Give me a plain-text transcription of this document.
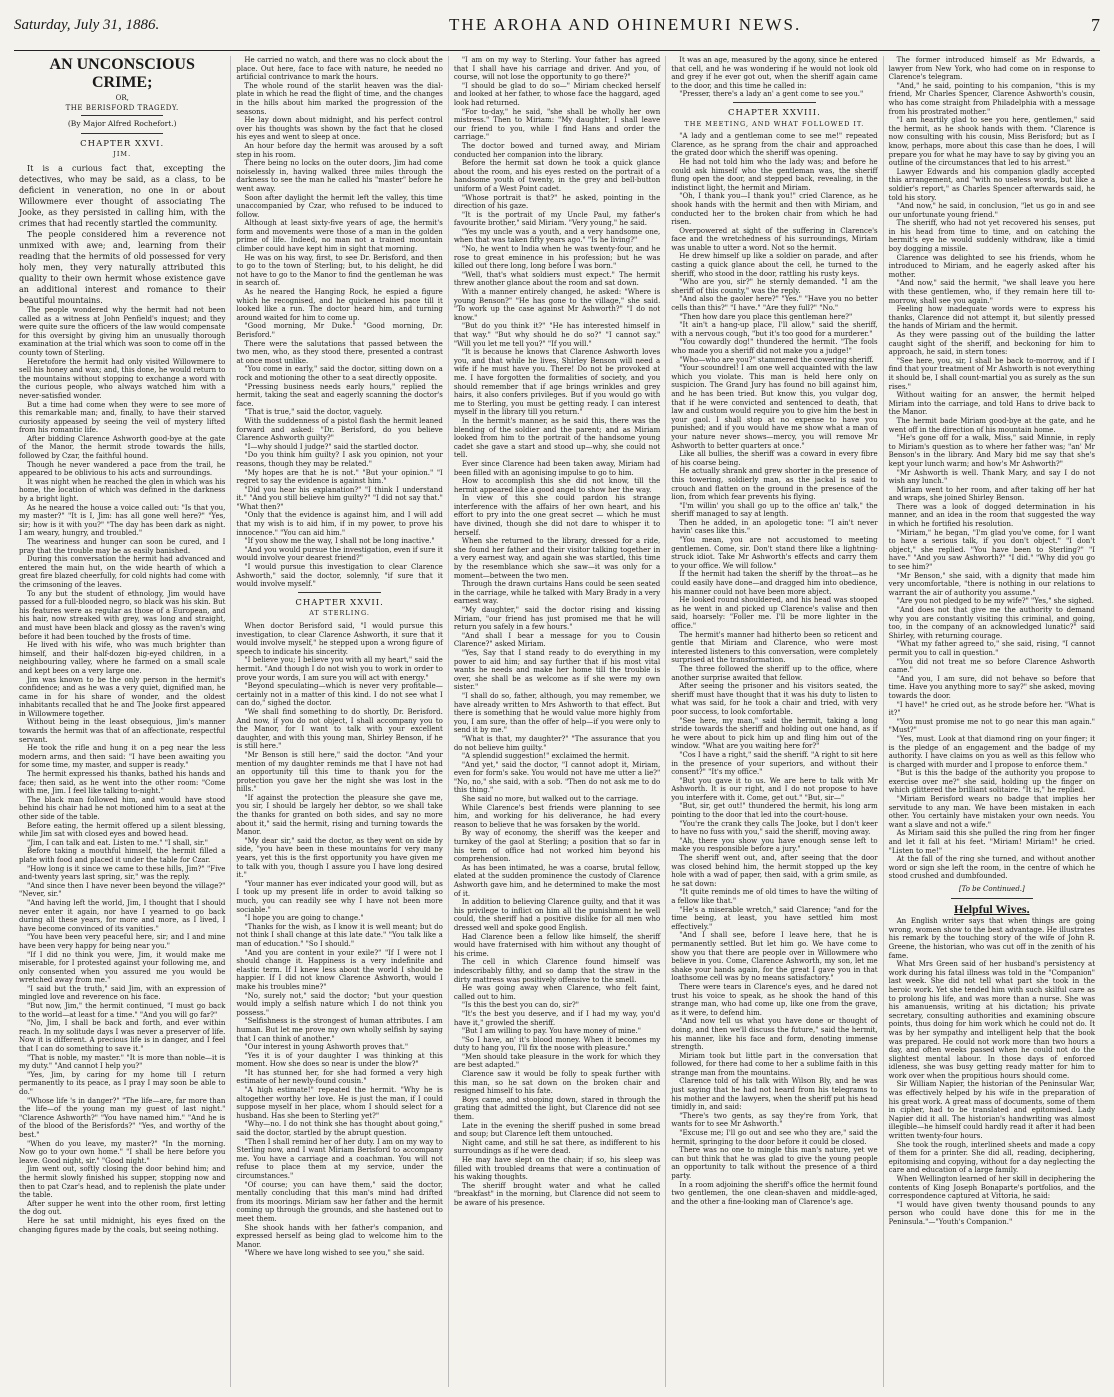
Saturday, July 31, 1886.	THE AROHA AND OHINEMURI NEWS.	7
AN UNCONSCIOUS CRIME;
OR,
THE BERISFORD TRAGEDY.
(By Major Alfred Rochefort.)
CHAPTER XXVI.
JIM.

It is a curious fact that, excepting the detectives, who may be said, as a class, to be deficient in veneration, no one in or about Willowmere ever thought of associating The Jooke, as they persisted in calling him, with the crimes that had recently startled the community.

The people considered him a reverence not unmixed with awe; and, learning from their reading that the hermits of old possessed for very holy men, they very naturally attributed this quality to their own hermit whose existence gave an additional interest and romance to their beautiful mountains.

The people wondered why the hermit had not been called as a witness at John Penfield's inquest; and they were quite sure the officers of the law would compensate for this oversight by giving him an unusually thorough examination at the trial which was soon to come off in the county town of Sterling.

Heretofore the hermit had only visited Willowmere to sell his honey and wax; and, this done, he would return to the mountains without stopping to exchange a word with the curious people, who always watched him with a never-satisfied wonder.

But a time had come when they were to see more of this remarkable man; and, finally, to have their starved curiosity appeased by seeing the veil of mystery lifted from his romantic life.

After bidding Clarence Ashworth good-bye at the gate of the Manor, the hermit strode towards the hills, followed by Czar, the faithful hound.

Though he never wandered a pace from the trail, he appeared to be oblivious to his acts and surroundings.

It was night when he reached the glen in which was his home, the location of which was defined in the darkness by a bright light.

As he neared the house a voice called out: "Is that you, my master?" "It is I, Jim: has all gone well here?" "Yes, sir; how is it with you?" "The day has been dark as night. I am weary, hungry, and troubled."

The weariness and hunger can soon be cured, and I pray that the trouble may be as easily banished.

During this conversation the hermit had advanced and entered the main hut, on the wide hearth of which a great fire blazed cheerfully, for cold nights had come with the crimsoning of the leaves.

To any but the student of ethnology, Jim would have passed for a full-blooded negro, so black was his skin. But his features were as regular as those of a European, and his hair, now streaked with grey, was long and straight, and must have been black and glossy as the raven's wing before it had been touched by the frosts of time.

He lived with his wife, who was much brighter than himself, and their half-dozen big-eyed children, in a neighbouring valley, where he farmed on a small scale and kept bees on a very large one.

Jim was known to be the only person in the hermit's confidence; and as he was a very quiet, dignified man, he came in for his share of wonder, and the oldest inhabitants recalled that he and The Jooke first appeared in Willowmere together.

Without being in the least obsequious, Jim's manner towards the hermit was that of an affectionate, respectful servant.

He took the rifle and hung it on a peg near the less modern arms, and then said: "I have been awaiting you for some time, my master, and supper is ready."

The hermit expressed his thanks, bathed his hands and face; then said, as he went into the other room: "Come with me, Jim. I feel like talking to-night."

The black man followed him, and would have stood behind his chair had he not motioned him to a seat at the other side of the table.

Before eating, the hermit offered up a silent blessing, while Jim sat with closed eyes and bowed head.

"Jim, I can talk and eat. Listen to me." "I shall, sir."

Before taking a mouthful himself, the hermit filled a plate with food and placed it under the table for Czar.

"How long is it since we came to these hills, Jim?" "Five and-twenty years last spring, sir," was the reply.

"And since then I have never been beyond the village?" "Never, sir."

"And having left the world, Jim, I thought that I should never enter it again, nor have I yearned to go back during all these years, for more and more, as I lived, I have become convinced of its vanities."

"You have been very peaceful here, sir; and I and mine have been very happy for being near you."

"If I did no think you were, Jim, it would make me miserable, for I protested against your following me, and only consented when you assured me you would be wretched away from me."

"I said but the truth," said Jim, with an expression of mingled love and reverence on his face.

"But now, Jim," the hermit continued, "I must go back to the world—at least for a time." "And you will go far?"

"No, Jim, I shall be back and forth, and ever within reach. In my solitude days I was never a preserver of life. Now it is different. A precious life is in danger, and I feel that I can do something to save it."

"That is noble, my master." "It is more than noble—it is my duty." "And cannot I help you?"

"Yes, Jim, by caring for my home till I return permanently to its peace, as I pray I may soon be able to do."

"Whose life 's in danger?" "The life—are, far more than the life—of the young man my guest of last night." "Clarence Ashworth?" "You have named him." "And he is of the blood of the Berisfords?" "Yes, and worthy of the best."

"When do you leave, my master?" "In the morning. Now go to your own home." "I shall be here before you leave. Good night, sir." "Good night."

Jim went out, softly closing the door behind him; and the hermit slowly finished his supper, stopping now and then to pat Czar's head, and to replenish the plate under the table.

After supper he went into the other room, first letting the dog out.

Here he sat until midnight, his eyes fixed on the changing figures made by the coals, but seeing nothing.

He carried no watch, and there was no clock about the place. Out here, face to face with nature, he needed no artificial contrivance to mark the hours.

The whole round of the starlit heaven was the dial-plate in which he read the flight of time, and the changes in the hills about him marked the progression of the seasons.

He lay down about midnight, and his perfect control over his thoughts was shown by the fact that he closed his eyes and went to sleep at once.

An hour before day the hermit was aroused by a soft step in his room.

There being no locks on the outer doors, Jim had come noiselessly in, having walked three miles through the darkness to see the man he called his "master" before he went away.

Soon after daylight the hermit left the valley, this time unaccompanied by Czar, who refused to be induced to follow.

Although at least sixty-five years of age, the hermit's form and movements were those of a man in the golden prime of life. Indeed, no man not a trained mountain climber could have kept him in sight that morning.

He was on his way, first, to see Dr. Berisford, and then to go to the town of Sterling; but, to his delight, he did not have to go to the Manor to find the gentleman he was in search of.

As he neared the Hanging Rock, he espied a figure which he recognised, and he quickened his pace till it looked like a run. The doctor heard him, and turning around waited for him to come up.

"Good morning, Mr Duke." "Good morning, Dr. Berisford."

There were the salutations that passed between the two men, who, as they stood there, presented a contrast at once most unlike.

"You come in early," said the doctor, sitting down on a rock and motioning the other to a seat directly opposite.

"Pressing business needs early hours," replied the hermit, taking the seat and eagerly scanning the doctor's face.

"That is true," said the doctor, vaguely.

With the suddenness of a pistol flash the hermit leaned forward and asked: "Dr. Berisford, do you believe Clarence Ashworth guilty?"

"I—why should I judge?" said the startled doctor.

"Do you think him guilty? I ask you opinion, not your reasons, though they may be related."

"My hopes are that he is not." "But your opinion." "I regret to say the evidence is against him."

"Did you hear his explanation?" "I think I understand it." "And you still believe him guilty?" "I did not say that." "What then?"

"Only that the evidence is against him, and I will add that my wish is to aid him, if in my power, to prove his innocence." "You can aid him."

"If you show me the way, I shall not be long inactive."

"And you would pursue the investigation, even if sure it would involve your dearest friend?"

"I would pursue this investigation to clear Clarence Ashworth," said the doctor, solemnly, "if sure that it would involve myself."

CHAPTER XXVII.
AT STERLING.

When doctor Berisford said, "I would pursue this investigation, to clear Clarence Ashworth, it sure that it would involve myself," he stepped upon a wrong figure of speech to indicate his sincerity.

"I believe you; I believe you with all my heart," said the hermit. "And though I do not wish you to work in order to prove your words, I am sure you will act with energy."

"Beyond speculating—which is never very profitable—certainly not in a matter of this kind. I do not see what I can do," sighed the doctor.

"We shall find something to do shortly, Dr. Berisford. And now, if you do not object, I shall accompany you to the Manor, for I want to talk with your excellent daughter, and with this young man, Shirley Benson, if he is still here."

"Mr Benson is still here," said the doctor. "And your mention of my daughter reminds me that I have not had an opportunity till this time to thank you for the protection you gave her the night she was lost in the hills."

"If against the protection the pleasure she gave me, you sir, I should be largely her debtor, so we shall take the thanks for granted on both sides, and say no more about it," said the hermit, rising and turning towards the Manor.

"My dear sir," said the doctor, as they went on side by side, "you have been in these mountains for very many years, yet this is the first opportunity you have given me to talk with you, though I assure you I have long desired it."

"Your manner has ever indicated your good will, but as I took up my present life in order to avoid talking so much, you can readily see why I have not been more sociable."

"I hope you are going to change."

"Thanks for the wish, as I know it is well meant; but do not think I shall change at this late date." "You talk like a man of education." "So I should."

"And you are content in your exile?" "If I were not I should change it. Happiness is a very indefinite and elastic term. If I knew less about the world I should be happier. If I did not know Clarence Ashworth, would I make his troubles mine?"

"No, surely not," said the doctor; "but your question would imply a selfish nature which I do not think you possess."

"Selfishness is the strongest of human attributes. I am human. But let me prove my own wholly selfish by saying that I can think of another."

"Our interest in young Ashworth proves that."

"Yes it is of your daughter I was thinking at this moment. How she does so near is under the blow?"

"It has stunned her, for she had formed a very high estimate of her newly-found cousin."

"A high estimate!" repeated the hermit. "Why he is altogether worthy her love. He is just the man, if I could suppose myself in her place, whom I should select for a husband. Has she been to Sterling yet?"

"Why—no. I do not think she has thought about going," said the doctor, startled by the abrupt question.

"Then I shall remind her of her duty. I am on my way to Sterling now, and I want Miriam Berisford to accompany me. You have a carriage and a coachman. You will not refuse to place them at my service, under the circumstances."

"Of course; you can have them," said the doctor, mentally concluding that this man's mind had drifted from its moorings. Miriam saw her father and the hermit coming up through the grounds, and she hastened out to meet them.

She shook hands with her father's companion, and expressed herself as being glad to welcome him to the Manor.

"Where we have long wished to see you," she said.

"I am on my way to Sterling. Your father has agreed that I shall have his carriage and driver. And you, of course, will not lose the opportunity to go there?"

"I should be glad to do so—" Miriam checked herself and looked at her father, to whose face the haggard, aged look had returned.

"For to-day," he said, "she shall be wholly her own mistress." Then to Miriam: "My daughter, I shall leave our friend to you, while I find Hans and order the carriage."

The doctor bowed and turned away, and Miriam conducted her companion into the library.

Before the hermit sat down he took a quick glance about the room, and his eyes rested on the portrait of a handsome youth of twenty, in the grey and bell-button uniform of a West Point cadet.

"Whose portrait is that?" he asked, pointing in the direction of his gaze.

"It is the portrait of my Uncle Paul, my father's favourite brother," said Miriam. "Very young," he said.

"Yes my uncle was a youth, and a very handsome one, when that was taken fifty years ago." "Is he living?"

"No, he went to India when he was twenty-four, and he rose to great eminence in his profession; but he was killed out there long, long before I was born."

"Well, that's what soldiers must expect." The hermit threw another glance about the room and sat down.

With a manner entirely changed, he asked: "Where is young Benson?" "He has gone to the village," she said. "To work up the case against Mr Ashworth?" "I do not know."

"But do you think it?" "He has interested himself in that way." "But why should he do so?" "I cannot say." "Will you let me tell you?" "If you will."

"It is because he knows that Clarence Ashworth loves you, and that while he lives, Shirley Benson will need a wife if he must have you. There! Do not be provoked at me. I have forgotten the formalities of society, and you should remember that if age brings wrinkles and grey hairs, it also confers privileges. But if you would go with me to Sterling, you must be getting ready. I can interest myself in the library till you return."

In the hermit's manner, as he said this, there was the blending of the soldier and the parent; and as Miriam looked from him to the portrait of the handsome young cadet she gave a start and stood up—why, she could not tell.

Ever since Clarence had been taken away, Miriam had been filled with an agonising impulse to go to him.

How to accomplish this she did not know, till the hermit appeared like a good angel to show her the way.

In view of this she could pardon his strange interference with the affairs of her own heart, and his effort to pry into the one great secret — which he must have divined, though she did not dare to whisper it to herself.

When she returned to the library, dressed for a ride, she found her father and their visitor talking together in a very earnest way, and again she was startled, this time by the resemblance which she saw—it was only for a moment—between the two men.

Through the drawn curtains Hans could be seen seated in the carriage, while he talked with Mary Brady in a very earnest way.

"My daughter," said the doctor rising and kissing Miriam, "our friend has just promised me that he will return you safely in a few hours."

"And shall I bear a message for you to Cousin Clarence?" asked Miriam.

"Yes, Say that I stand ready to do everything in my power to aid him; and say further that if his most vital wants he needs and make her home till the trouble is over, she shall be as welcome as if she were my own sister."

"I shall do so, father, although, you may remember, we have already written to Mrs Ashworth to that effect. But there is something that he would value more highly from you, I am sure, than the offer of help—if you were only to send it by me."

"What is that, my daughter?" "The assurance that you do not believe him guilty."

"A splendid suggestion!" exclaimed the hermit.

"And yet," said the doctor, "I cannot adopt it, Miriam, even for form's sake. You would not have me utter a lie?" "No, no," she said, with a sob. "Then do not ask me to do this thing."

She said no more, but walked out to the carriage.

While Clarence's best friends were planning to see him, and working for his deliverance, he had every reason to believe that he was forsaken by the world.

By way of economy, the sheriff was the keeper and turnkey of the gaol at Sterling; a position that so far in his term of office had not worked him beyond his comprehension.

As has been intimated, he was a coarse, brutal fellow, elated at the sudden prominence the custody of Clarence Ashworth gave him, and he determined to make the most of it.

In addition to believing Clarence guilty, and that it was his privilege to inflict on him all the punishment he well could, the sheriff had a positive dislike for all men who dressed well and spoke good English.

Had Clarence been a fellow like himself, the sheriff would have fraternised with him without any thought of his crime.

The cell in which Clarence found himself was indescribably filthy, and so damp that the straw in the dirty mattress was positively offensive to the smell.

He was going away when Clarence, who felt faint, called out to him.

"Is this the best you can do, sir?"

"It's the best you deserve, and if I had my way, you'd have it," growled the sheriff.

"But I am willing to pay. You have money of mine."

"So I have, an' it's blood money. When it becomes my duty to hang you, I'll fix the noose with pleasure."

"Men should take pleasure in the work for which they are best adapted."

Clarence saw it would be folly to speak further with this man, so he sat down on the broken chair and resigned himself to his fate.

Boys came, and stooping down, stared in through the grating that admitted the light, but Clarence did not see them.

Late in the evening the sheriff pushed in some bread and soup; but Clarence left them untouched.

Night came, and still he sat there, as indifferent to his surroundings as if he were dead.

He may have slept on the chair; if so, his sleep was filled with troubled dreams that were a continuation of his waking thoughts.

The sheriff brought water and what he called "breakfast" in the morning, but Clarence did not seem to be aware of his presence.

It was an age, measured by the agony, since he entered that cell, and he was wondering if he would not look old and grey if he ever got out, when the sheriff again came to the door, and this time he called in:

"Presser, there's a lady an' a gent come to see you."

CHAPTER XXVIII.
THE MEETING, AND WHAT FOLLOWED IT.

"A lady and a gentleman come to see me!" repeated Clarence, as he sprang from the chair and approached the grated door which the sheriff was opening.

He had not told him who the lady was; and before he could ask himself who the gentleman was, the sheriff flung open the door, and stepped back, revealing, in the indistinct light, the hermit and Miriam.

"Oh, I thank you—I thank you!" cried Clarence, as he shook hands with the hermit and then with Miriam, and conducted her to the broken chair from which he had risen.

Overpowered at sight of the suffering in Clarence's face and the wretchedness of his surroundings, Miriam was unable to utter a word. Not so the hermit.

He drew himself up like a soldier on parade, and after casting a quick glance about the cell, he turned to the sheriff, who stood in the door, rattling his rusty keys.

"Who are you, sir?" he sternly demanded. "I am the sheriff of this county," was the reply.

"And also the gaoler here?" "Yes." "Have you no better cells than this?" "I have." "Are they full?" "No."

"Then how dare you place this gentleman here?"

"It ain't a hang-up place, I'll allow," said the sheriff, with a nervous cough, "but it's too good for a murderer."

"You cowardly dog!" thundered the hermit. "The fools who made you a sheriff did not make you a judge!"

"Who—who are you?" stammered the cowering sheriff.

"Your scoundrel! I am one well acquainted with the law which you violate. This man is held here only on suspicion. The Grand Jury has found no bill against him, and he has been tried. But know this, you vulgar dog, that if he were convicted and sentenced to death, that law and custom would require you to give him the best in your gaol. I shall stop at no expense to have you punished; and if you would have me show what a man of your nature never shows—mercy, you will remove Mr Ashworth to better quarters at once."

Like all bullies, the sheriff was a coward in every fibre of his coarse being.

He actually shrank and grew shorter in the presence of this towering, soldierly man, as the jackal is said to crouch and flatten on the ground in the presence of the lion, from which fear prevents his flying.

"I'm willin' you shall go up to the office an' talk," the sheriff managed to say at length.

Then he added, in an apologetic tone: "I ain't never havin' cases like this."

"You mean, you are not accustomed to meeting gentlemen. Come, sir. Don't stand there like a lightning-struck idiot. Take Mr Ashworth's effects and carry them to your office. We will follow."

If the hermit had taken the sheriff by the throat—as he could easily have done—and dragged him into obedience, his manner could not have been more abject.

He looked round shouldered, and his head was stooped as he went in and picked up Clarence's valise and then said, hoarsely: "Foller me. I'll be more lighter in the office."

The hermit's manner had hitherto been so reticent and gentle that Miriam and Clarence, who were most interested listeners to this conversation, were completely surprised at the transformation.

The three followed the sheriff up to the office, where another surprise awaited that fellow.

After seeing the prisoner and his visitors seated, the sheriff must have thought that it was his duty to listen to what was said, for he took a chair and tried, with very poor success, to look comfortable.

"See here, my man," said the hermit, taking a long stride towards the sheriff and holding out one hand, as if he were about to pick him up and fling him out of the window. "What are you waiting here for?"

"Cos I have a right," said the sheriff. "A right to sit here in the presence of your superiors, and without their consent?" "It's my office."

"But you gave it to us. We are here to talk with Mr Ashworth. It is our right, and I do not propose to have you interfere with it. Come, get out." "But, sir—"

"But, sir, get out!" thundered the hermit, his long arm pointing to the door that led into the court-house.

"You're the crank they calls The Jooke, but I don't keer to have no fuss with you," said the sheriff, moving away.

"Ah, there you show you have enough sense left to make you responsible before a jury."

The sheriff went out, and, after seeing that the door was closed behind him, the hermit stopped up the key hole with a wad of paper, then said, with a grim smile, as he sat down:

"It quite reminds me of old times to have the wilting of a fellow like that."

"He's a miserable wretch," said Clarence; "and for the time being, at least, you have settled him most effectively."

"And I shall see, before I leave here, that he is permanently settled. But let him go. We have come to show you that there are people over in Willowmere who believe in you. Come, Clarence Ashworth, my son, let me shake your hands again, for the great I gave you in that loathsome cell was by no means satisfactory."

There were tears in Clarence's eyes, and he dared not trust his voice to speak, as he shook the hand of this strange man, who had come up, like one from the grave, as it were, to defend him.

"And now tell us what you have done or thought of doing, and then we'll discuss the future," said the hermit, his manner, like his face and form, denoting immense strength.

Miriam took but little part in the conversation that followed, for there had come to her a sublime faith in this strange man from the mountains.

Clarence told of his talk with Wilson Bly, and he was just saying that he had not heard from his telegrams to his mother and the lawyers, when the sheriff put his head timidly in, and said:

"There's two gents, as say they're from York, that wants for to see Mr Ashworth."

"Excuse me; I'll go out and see who they are," said the hermit, springing to the door before it could be closed.

There was no one to mingle this man's nature, yet we can but think that he was glad to give the young people an opportunity to talk without the presence of a third party.

In a room adjoining the sheriff's office the hermit found two gentlemen, the one clean-shaven and middle-aged, and the other a fine-looking man of Clarence's age.

The former introduced himself as Mr Edwards, a lawyer from New York, who had come on in response to Clarence's telegram.

"And," he said, pointing to his companion, "this is my friend, Mr Charles Spencer, Clarence Ashworth's cousin, who has come straight from Philadelphia with a message from his prostrated mother."

"I am heartily glad to see you here, gentlemen," said the hermit, as he shook hands with them. "Clarence is now consulting with his cousin, Miss Berisford; but as I know, perhaps, more about this case than he does, I will prepare you for what he may have to say by giving you an outline of the circumstances that led to his arrest."

Lawyer Edwards and his companion gladly accepted this arrangement, and "with no useless words, but like a soldier's report," as Charles Spencer afterwards said, he told his story.

"And now," he said, in conclusion, "let us go in and see our unfortunate young friend."

The sheriff, who had not yet recovered his senses, put in his head from time to time, and on catching the hermit's eye he would suddenly withdraw, like a timid boy dogging a missile.

Clarence was delighted to see his friends, whom he introduced to Miriam, and he eagerly asked after his mother.

"And now," said the hermit, "we shall leave you here with these gentlemen, who, if they remain here till to-morrow, shall see you again."

Feeling how inadequate words were to express his thanks, Clarence did not attempt it, but silently pressed the hands of Miriam and the hermit.

As they were passing out of the building the latter caught sight of the sheriff, and beckoning for him to approach, he said, in stern tones:

"See here, you, sir, I shall be back to-morrow, and if I find that your treatment of Mr Ashworth is not everything it should be, I shall count-martial you as surely as the sun rises."

Without waiting for an answer, the hermit helped Miriam into the carriage, and told Hans to drive back to the Manor.

The hermit bade Miriam good-bye at the gate, and he went off in the direction of his mountain home.

"He's gone off for a walk, Miss," said Minnie, in reply to Miriam's question as to where her father was; "an' Mr Benson's in the library. And Mary bid me say that she's kept your lunch warm; and how's Mr Ashworth?"

"Mr Ashworth is well. Thank Mary, and say I do not wish any lunch."

Miriam went to her room, and after taking off her hat and wraps, she joined Shirley Benson.

There was a look of dogged determination in his manner, and an idea in the room that suggested the way in which he fortified his resolution.

"Miriam," he began, "I'm glad you've come, for I want to have a serious talk, if you don't object." "I don't object," she replied. "You have been to Sterling?" "I have." "And you saw Ashworth?" "I did." "Why did you go to see him?"

"Mr Benson," she said, with a dignity that made him very uncomfortable, "there is nothing in our relations to warrant the air of authority you assume."

"Are you not pledged to be my wife?" "Yes," she sighed.

"And does not that give me the authority to demand why you are constantly visiting this criminal, and going, too, in the company of an acknowledged lunatic?" said Shirley, with returning courage.

"What my father agreed to," she said, rising, "I cannot permit you to call in question."

"You did not treat me so before Clarence Ashworth came."

"And you, I am sure, did not behave so before that time. Have you anything more to say?" she asked, moving towards the door.

"I have!" he cried out, as he strode before her. "What is it?"

"You must promise me not to go near this man again." "Must?"

"Yes, must. Look at that diamond ring on your finger; it is the pledge of an engagement and the badge of my authority. I have claims on you as well as this fellow who is charged with murder and I propose to enforce them."

"But is this the badge of the authority you propose to exercise over me?" she said, holding up the finger on which glittered the brilliant solitaire. "It is," he replied.

"Miriam Berisford wears no badge that implies her servitude to any man. We have been mistaken in each other. You certainly have mistaken your own needs. You want a slave and not a wife."

As Miriam said this she pulled the ring from her finger and let it fall at his feet. "Miriam! Miriam!" he cried. "Listen to me!"

At the fall of the ring she turned, and without another word or sign she left the room, in the centre of which he stood crushed and dumbfounded.

[To be Continued.]
Helpful Wives.

An English writer says that when things are going wrong, women show to the best advantage. He illustrates his remark by the touching story of the wife of John R. Greene, the historian, who was cut off in the zenith of his fame.

What Mrs Green said of her husband's persistency at work during his fatal illness was told in the "Companion" last week. She did not tell what part she took in the heroic work. Yet she tended him with such skilful care as to prolong his life, and was more than a nurse. She was his amanuensis, writing at his dictation; his private secretary, consulting authorities and examining obscure points, thus doing for him work which he could not do. It was by her sympathy and intelligent help that the book was prepared. He could not work more than two hours a day, and often weeks passed when he could not do the slightest mental labour. In those days of enforced idleness, she was busy getting ready matter for him to work over when the propitious hours should come.

Sir William Napier, the historian of the Peninsular War, was effectively helped by his wife in the preparation of his great work. A great mass of documents, some of them in cipher, had to be translated and epitomised. Lady Napier did it all. The historian's handwriting was almost illegible—he himself could hardly read it after it had been written twenty-four hours.

She took the rough, interlined sheets and made a copy of them for a printer. She did all, reading, deciphering, epitomising and copying, without for a day neglecting the care and education of a large family.

When Wellington learned of her skill in deciphering the contents of King Joseph Bonaparte's portfolios, and the correspondence captured at Vittoria, he said:

"I would have given twenty thousand pounds to any person who could have done this for me in the Peninsula."—"Youth's Companion."
